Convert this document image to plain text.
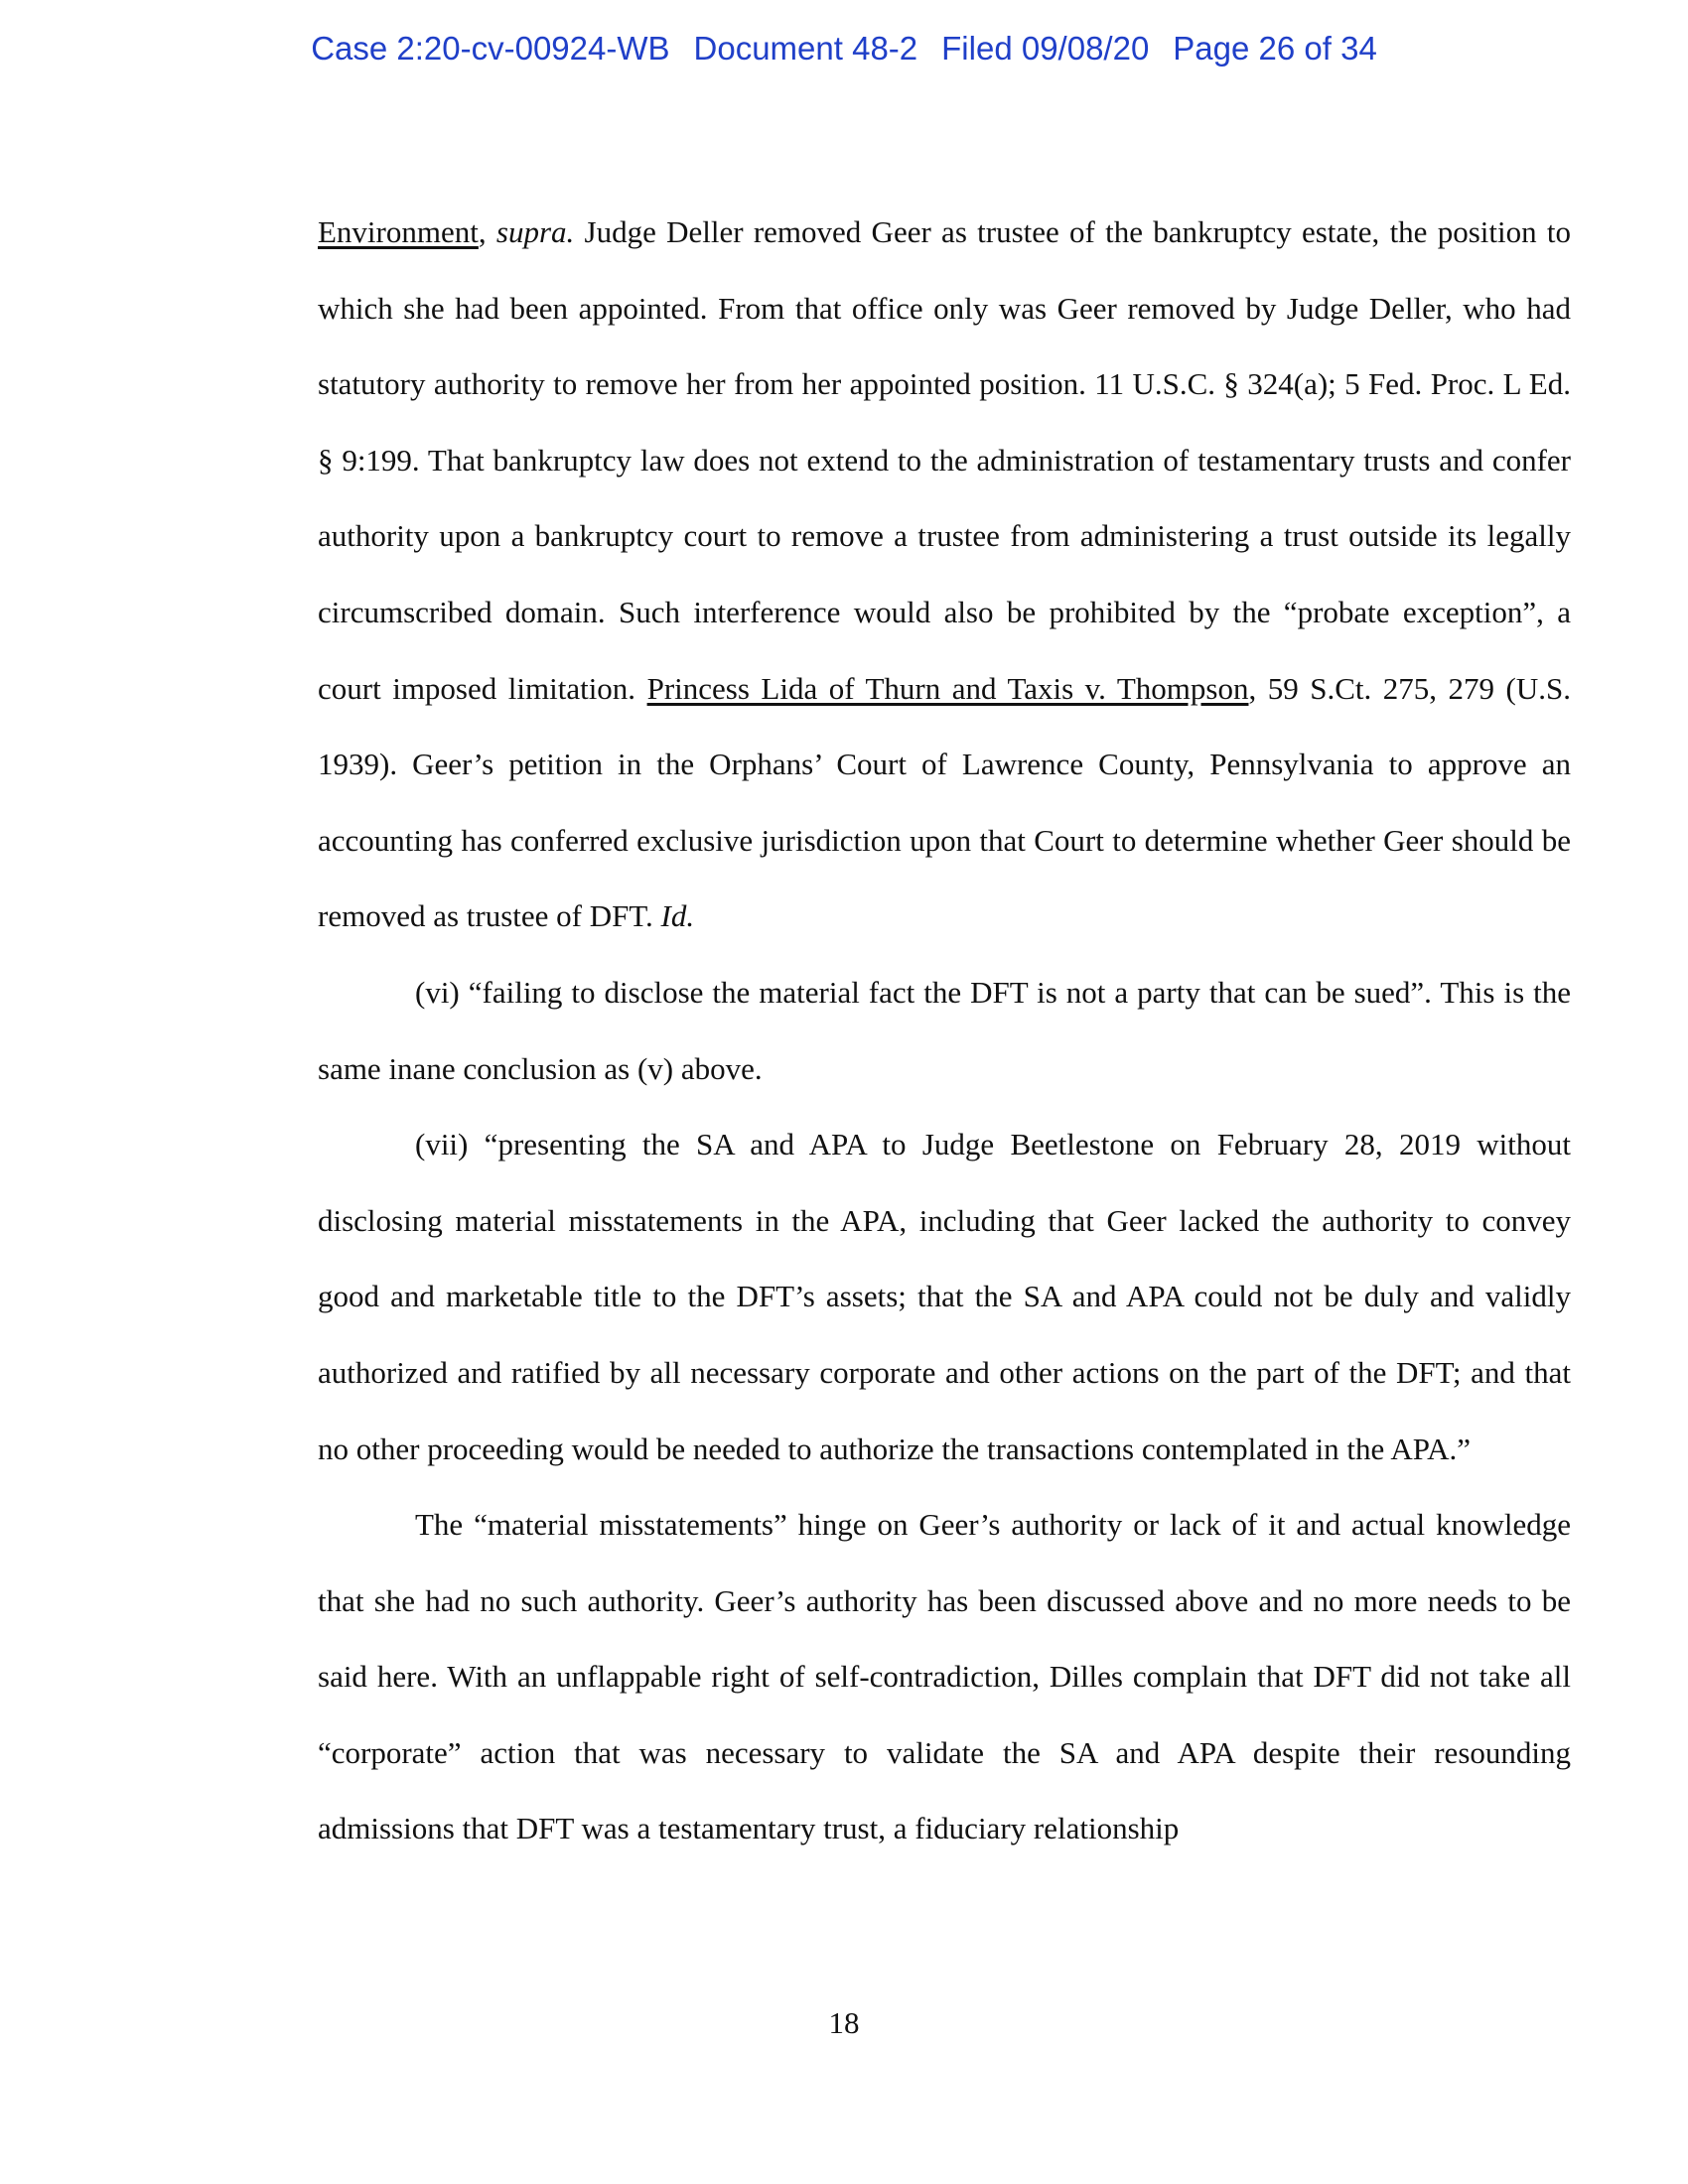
Case 2:20-cv-00924-WB Document 48-2 Filed 09/08/20 Page 26 of 34

Environment, supra. Judge Deller removed Geer as trustee of the bankruptcy estate, the position to which she had been appointed. From that office only was Geer removed by Judge Deller, who had statutory authority to remove her from her appointed position. 11 U.S.C. § 324(a); 5 Fed. Proc. L Ed. § 9:199. That bankruptcy law does not extend to the administration of testamentary trusts and confer authority upon a bankruptcy court to remove a trustee from administering a trust outside its legally circumscribed domain. Such interference would also be prohibited by the “probate exception”, a court imposed limitation. Princess Lida of Thurn and Taxis v. Thompson, 59 S.Ct. 275, 279 (U.S. 1939). Geer’s petition in the Orphans’ Court of Lawrence County, Pennsylvania to approve an accounting has conferred exclusive jurisdiction upon that Court to determine whether Geer should be removed as trustee of DFT. Id.

(vi) “failing to disclose the material fact the DFT is not a party that can be sued”. This is the same inane conclusion as (v) above.

(vii) “presenting the SA and APA to Judge Beetlestone on February 28, 2019 without disclosing material misstatements in the APA, including that Geer lacked the authority to convey good and marketable title to the DFT’s assets; that the SA and APA could not be duly and validly authorized and ratified by all necessary corporate and other actions on the part of the DFT; and that no other proceeding would be needed to authorize the transactions contemplated in the APA.”

The “material misstatements” hinge on Geer’s authority or lack of it and actual knowledge that she had no such authority. Geer’s authority has been discussed above and no more needs to be said here. With an unflappable right of self-contradiction, Dilles complain that DFT did not take all “corporate” action that was necessary to validate the SA and APA despite their resounding admissions that DFT was a testamentary trust, a fiduciary relationship

18
